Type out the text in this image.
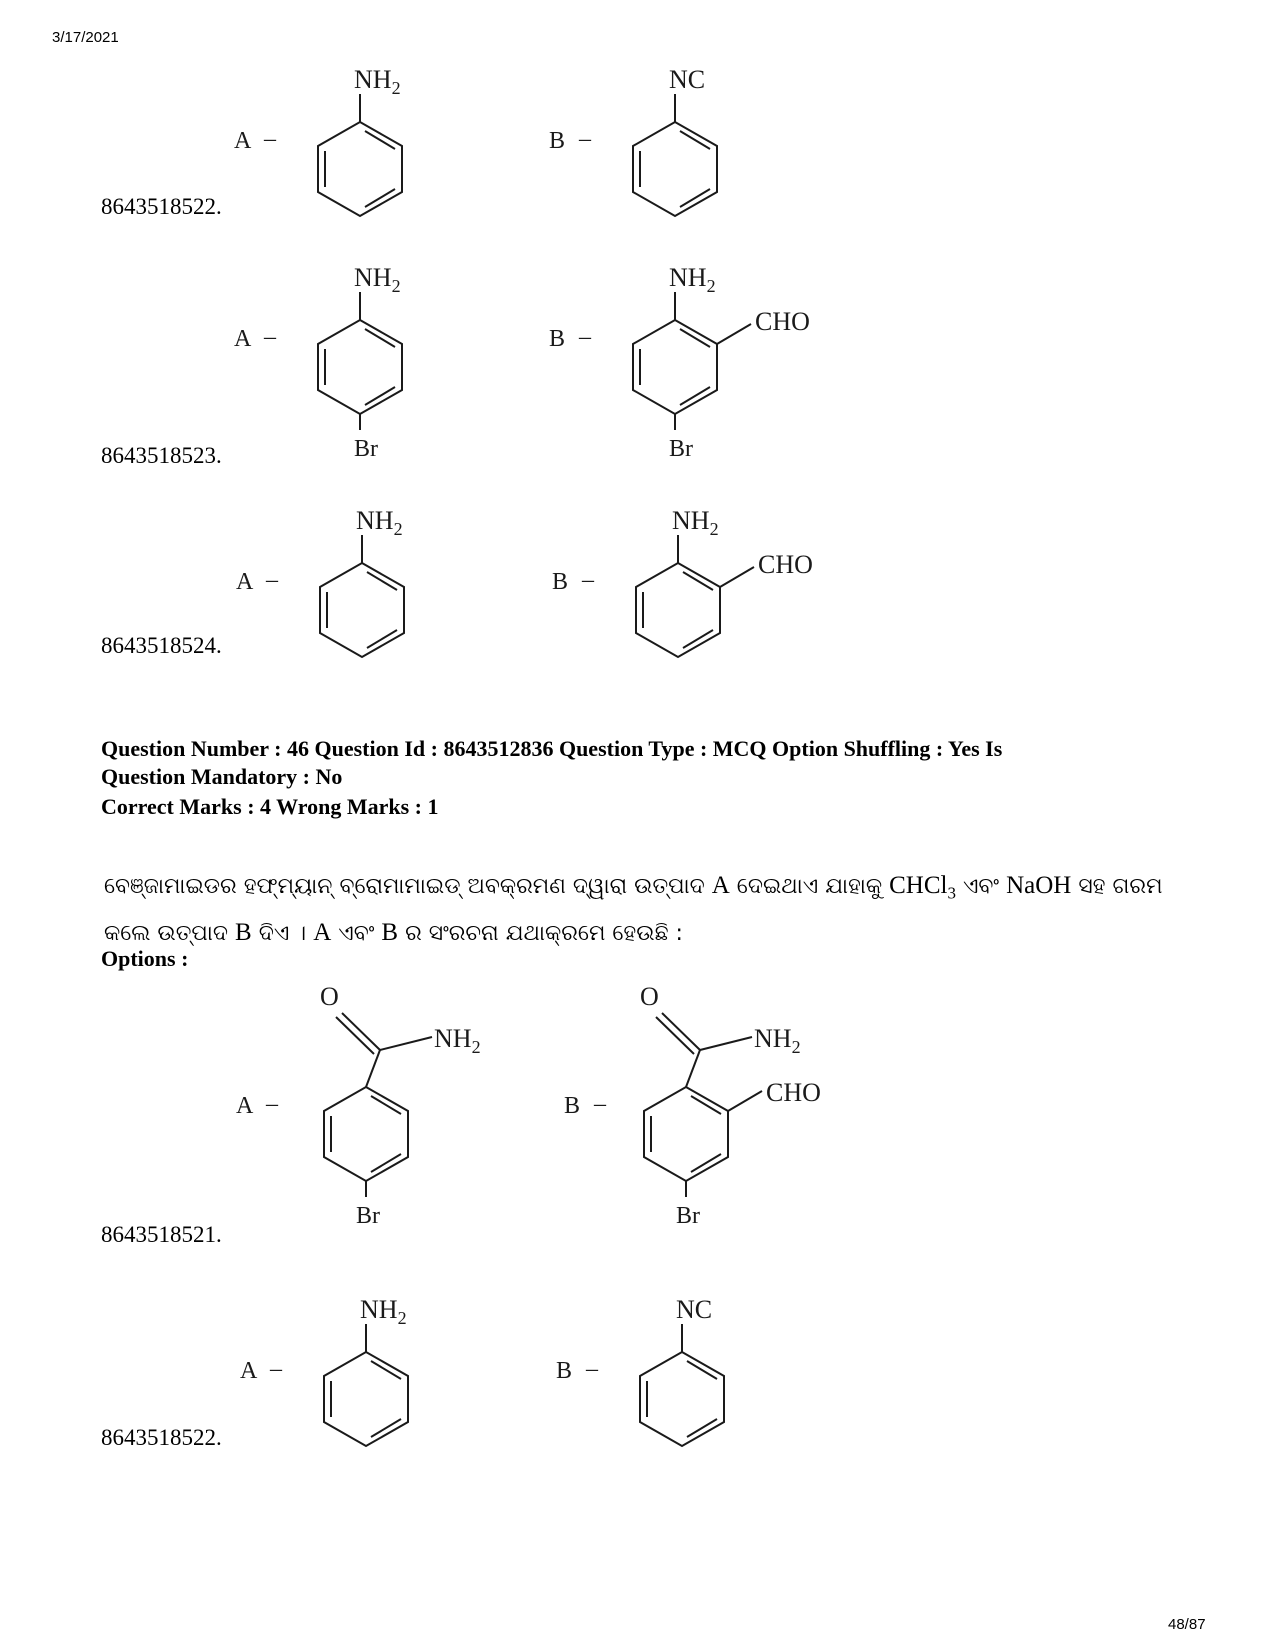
3/17/2021
48/87
A –
$NH_2$
B –
NC
8643518522.
A –
$NH_2$
Br
B –
$NH_2$
CHO
Br
8643518523.
A –
$NH_2$
B –
$NH_2$
CHO
8643518524.
Question Number : 46 Question Id : 8643512836 Question Type : MCQ Option Shuffling : Yes Is
Question Mandatory : No
Correct Marks : 4 Wrong Marks : 1
ବେଞ୍ଜାମାଇଡର ହଫ୍‌ମ୍ୟାନ୍ ବ୍ରୋମାମାଇଡ୍ ଅବକ୍ରମଣ ଦ୍ୱାରା ଉତ୍ପାଦ A ଦେଇଥାଏ ଯାହାକୁ CHCl$_3$ ଏବଂ NaOH ସହ ଗରମ
କଲେ ଉତ୍ପାଦ B ଦିଏ । A ଏବଂ B ର ସଂରଚନା ଯଥାକ୍ରମେ ହେଉଛି :
Options :
A –
O
$NH_2$
Br
B –
O
$NH_2$
CHO
Br
8643518521.
A –
$NH_2$
B –
NC
8643518522.
